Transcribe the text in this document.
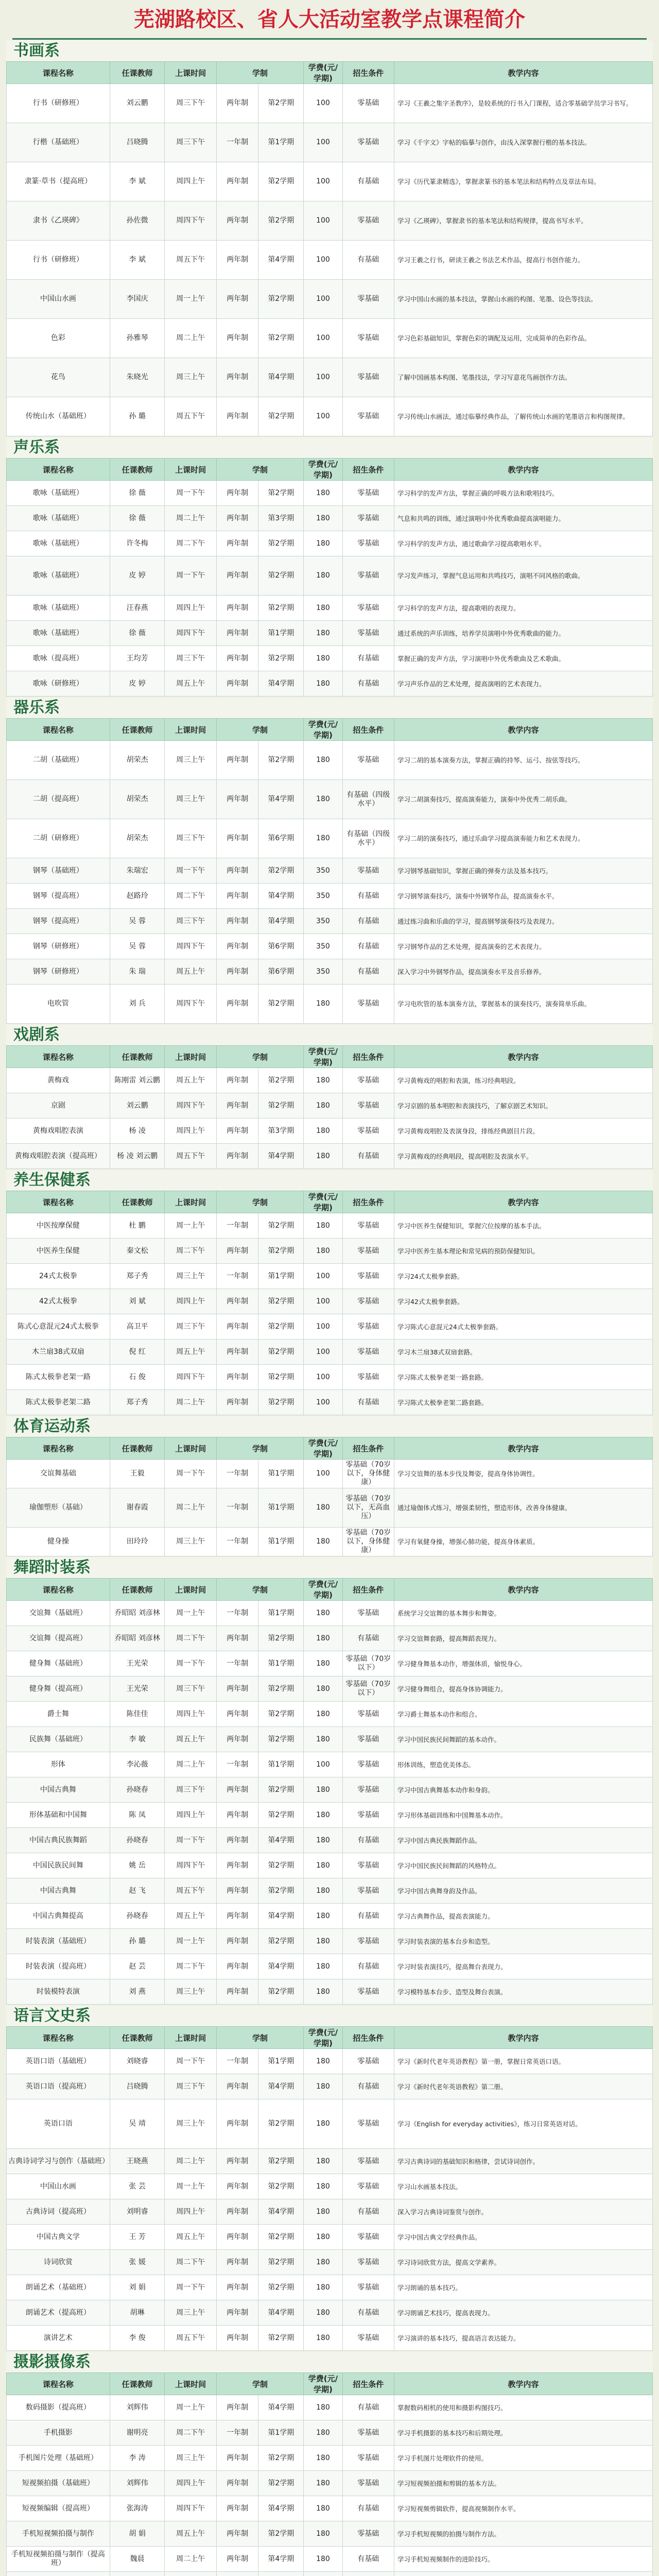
芜湖路校区、省人大活动室教学点课程简介
书画系
课程名称	任课教师	上课时间	学制		学费(元/学期)	招生条件	教学内容
行书（研修班）	刘云鹏	周三下午	两年制	第2学期	100	零基础	学习《王羲之集字圣教序》，是较系统的行书入门课程，适合零基础学员学习书写。
行楷（基础班）	吕晓腾	周三下午	一年制	第1学期	100	零基础	学习《千字文》字帖的临摹与创作，由浅入深掌握行楷的基本技法。
隶篆·草书（提高班）	李 斌	周四上午	两年制	第2学期	100	有基础	学习《历代篆隶精选》，掌握隶篆书的基本笔法和结构特点及章法布局。
隶书《乙瑛碑》	孙佐微	周四下午	两年制	第2学期	100	零基础	学习《乙瑛碑》，掌握隶书的基本笔法和结构规律，提高书写水平。
行书（研修班）	李 斌	周五下午	两年制	第4学期	100	有基础	学习王羲之行书，研读王羲之书法艺术作品，提高行书创作能力。
中国山水画	李国庆	周一上午	两年制	第2学期	100	零基础	学习中国山水画的基本技法，掌握山水画的构图、笔墨、设色等技法。
色彩	孙雅琴	周二上午	两年制	第2学期	100	零基础	学习色彩基础知识，掌握色彩的调配及运用，完成简单的色彩作品。
花鸟	朱晓光	周三上午	两年制	第4学期	100	零基础	了解中国画基本构图、笔墨技法，学习写意花鸟画创作方法。
传统山水（基础班）	孙 璐	周五下午	两年制	第2学期	100	零基础	学习传统山水画法，通过临摹经典作品，了解传统山水画的笔墨语言和构图规律。
声乐系
课程名称	任课教师	上课时间	学制		学费(元/学期)	招生条件	教学内容
歌咏（基础班）	徐 薇	周一下午	两年制	第2学期	180	零基础	学习科学的发声方法，掌握正确的呼吸方法和歌唱技巧。
歌咏（基础班）	徐 薇	周二上午	两年制	第3学期	180	零基础	气息和共鸣的训练，通过演唱中外优秀歌曲提高演唱能力。
歌咏（基础班）	许冬梅	周二下午	两年制	第2学期	180	零基础	学习科学的发声方法，通过歌曲学习提高歌唱水平。
歌咏（基础班）	皮 婷	周一下午	两年制	第2学期	180	零基础	学习发声练习，掌握气息运用和共鸣技巧，演唱不同风格的歌曲。
歌咏（基础班）	汪春燕	周四上午	两年制	第2学期	180	零基础	学习科学的发声方法，提高歌唱的表现力。
歌咏（基础班）	徐 薇	周四下午	两年制	第1学期	180	零基础	通过系统的声乐训练，培养学员演唱中外优秀歌曲的能力。
歌咏（提高班）	王均芳	周三下午	两年制	第2学期	180	有基础	掌握正确的发声方法，学习演唱中外优秀歌曲及艺术歌曲。
歌咏（研修班）	皮 婷	周五上午	两年制	第4学期	180	有基础	学习声乐作品的艺术处理，提高演唱的艺术表现力。
器乐系
课程名称	任课教师	上课时间	学制		学费(元/学期)	招生条件	教学内容
二胡（基础班）	胡荣杰	周三上午	两年制	第2学期	180	零基础	学习二胡的基本演奏方法，掌握正确的持琴、运弓、按弦等技巧。
二胡（提高班）	胡荣杰	周三上午	两年制	第4学期	180	有基础（四级水平）	学习二胡演奏技巧，提高演奏能力，演奏中外优秀二胡乐曲。
二胡（研修班）	胡荣杰	周三下午	两年制	第6学期	180	有基础（四级水平）	学习二胡的演奏技巧，通过乐曲学习提高演奏能力和艺术表现力。
钢琴（基础班）	朱瑞宏	周一下午	两年制	第2学期	350	零基础	学习钢琴基础知识，掌握正确的弹奏方法及基本技巧。
钢琴（提高班）	赵路玲	周二下午	两年制	第4学期	350	有基础	学习钢琴演奏技巧，演奏中外钢琴作品，提高演奏水平。
钢琴（提高班）	吴 蓉	周三下午	两年制	第4学期	350	有基础	通过练习曲和乐曲的学习，提高钢琴演奏技巧及表现力。
钢琴（研修班）	吴 蓉	周四下午	两年制	第6学期	350	有基础	学习钢琴作品的艺术处理，提高演奏的艺术表现力。
钢琴（研修班）	朱 瑞	周五上午	两年制	第6学期	350	有基础	深入学习中外钢琴作品，提高演奏水平及音乐修养。
电吹管	刘 兵	周四下午	两年制	第2学期	180	零基础	学习电吹管的基本演奏方法，掌握基本的演奏技巧，演奏简单乐曲。
戏剧系
课程名称	任课教师	上课时间	学制		学费(元/学期)	招生条件	教学内容
黄梅戏	陈刚雷 刘云鹏	周五上午	两年制	第2学期	180	零基础	学习黄梅戏的唱腔和表演，练习经典唱段。
京剧	刘云鹏	周四下午	两年制	第2学期	180	零基础	学习京剧的基本唱腔和表演技巧，了解京剧艺术知识。
黄梅戏唱腔表演	杨 凌	周四上午	两年制	第3学期	180	零基础	学习黄梅戏唱腔及表演身段，排练经典剧目片段。
黄梅戏唱腔表演（提高班）	杨 凌 刘云鹏	周五下午	两年制	第4学期	180	有基础	学习黄梅戏的经典唱段，提高唱腔及表演水平。
养生保健系
课程名称	任课教师	上课时间	学制		学费(元/学期)	招生条件	教学内容
中医按摩保健	杜 鹏	周一上午	一年制	第2学期	180	零基础	学习中医养生保健知识，掌握穴位按摩的基本手法。
中医养生保健	秦文松	周二下午	两年制	第2学期	180	零基础	学习中医养生基本理论和常见病的预防保健知识。
24式太极拳	郑子秀	周三上午	一年制	第1学期	100	零基础	学习24式太极拳套路。
42式太极拳	刘 斌	周四上午	两年制	第2学期	100	零基础	学习42式太极拳套路。
陈式心意混元24式太极拳	高卫平	周三下午	两年制	第2学期	100	零基础	学习陈式心意混元24式太极拳套路。
木兰扇38式双扇	倪 红	周五上午	两年制	第2学期	100	零基础	学习木兰扇38式双扇套路。
陈式太极拳老架一路	石 俊	周四下午	两年制	第2学期	100	零基础	学习陈式太极拳老架一路套路。
陈式太极拳老架二路	郑子秀	周二上午	两年制	第2学期	100	有基础	学习陈式太极拳老架二路套路。
体育运动系
课程名称	任课教师	上课时间	学制		学费(元/学期)	招生条件	教学内容
交谊舞基础	王毅	周一下午	一年制	第1学期	100	零基础（70岁以下，身体健康）	学习交谊舞的基本步伐及舞姿，提高身体协调性。
瑜伽塑形（基础）	谢春霞	周二上午	一年制	第1学期	180	零基础（70岁以下，无高血压）	通过瑜伽体式练习，增强柔韧性，塑造形体，改善身体健康。
健身操	田玲玲	周三上午	一年制	第1学期	180	零基础（70岁以下，身体健康）	学习有氧健身操，增强心肺功能，提高身体素质。
舞蹈时装系
课程名称	任课教师	上课时间	学制		学费(元/学期)	招生条件	教学内容
交谊舞（基础班）	乔昭昭 刘彦林	周一上午	一年制	第1学期	180	零基础	系统学习交谊舞的基本舞步和舞姿。
交谊舞（提高班）	乔昭昭 刘彦林	周二下午	两年制	第2学期	180	有基础	学习交谊舞套路，提高舞蹈表现力。
健身舞（基础班）	王光荣	周一下午	一年制	第1学期	180	零基础（70岁以下）	学习健身舞基本动作，增强体质，愉悦身心。
健身舞（提高班）	王光荣	周三下午	两年制	第2学期	180	零基础（70岁以下）	学习健身舞组合，提高身体协调能力。
爵士舞	陈佳佳	周四上午	两年制	第2学期	180	零基础	学习爵士舞基本动作和组合。
民族舞（基础班）	李 敏	周五上午	两年制	第2学期	180	零基础	学习中国民族民间舞蹈的基本动作。
形体	李沁薇	周二上午	一年制	第1学期	100	零基础	形体训练，塑造优美体态。
中国古典舞	孙晓春	周三下午	两年制	第2学期	180	零基础	学习中国古典舞基本动作和身韵。
形体基础和中国舞	陈 凤	周四上午	两年制	第2学期	180	零基础	学习形体基础训练和中国舞基本动作。
中国古典民族舞蹈	孙晓春	周一下午	两年制	第4学期	180	有基础	学习中国古典民族舞蹈作品。
中国民族民间舞	姚 岳	周四下午	两年制	第2学期	180	零基础	学习中国民族民间舞蹈的风格特点。
中国古典舞	赵 飞	周五下午	两年制	第2学期	180	零基础	学习中国古典舞身韵及作品。
中国古典舞提高	孙晓春	周五上午	两年制	第4学期	180	有基础	学习古典舞作品，提高表演能力。
时装表演（基础班）	孙 璐	周一上午	两年制	第2学期	180	零基础	学习时装表演的基本台步和造型。
时装表演（提高班）	赵 芸	周二下午	两年制	第4学期	180	有基础	学习时装表演技巧，提高舞台表现力。
时装模特表演	刘 燕	周三上午	两年制	第2学期	180	零基础	学习模特基本台步、造型及舞台表演。
语言文史系
课程名称	任课教师	上课时间	学制		学费(元/学期)	招生条件	教学内容
英语口语（基础班）	刘晓睿	周一下午	一年制	第1学期	180	零基础	学习《新时代老年英语教程》第一册，掌握日常英语口语。
英语口语（提高班）	吕晓腾	周三下午	两年制	第4学期	180	有基础	学习《新时代老年英语教程》第二册。
英语口语	吴 靖	周三上午	两年制	第2学期	180	零基础	学习《English for everyday activities》，练习日常英语对话。
古典诗词学习与创作（基础班）	王晓燕	周二上午	两年制	第2学期	180	零基础	学习古典诗词的基础知识和格律，尝试诗词创作。
中国山水画	张 芸	周一上午	两年制	第2学期	180	零基础	学习山水画基本技法。
古典诗词（提高班）	刘明睿	周四上午	两年制	第4学期	180	有基础	深入学习古典诗词鉴赏与创作。
中国古典文学	王 芳	周五上午	两年制	第2学期	180	零基础	学习中国古典文学经典作品。
诗词欣赏	张 媛	周二下午	两年制	第2学期	180	零基础	学习诗词欣赏方法，提高文学素养。
朗诵艺术（基础班）	刘 娟	周一下午	两年制	第2学期	180	零基础	学习朗诵的基本技巧。
朗诵艺术（提高班）	胡琳	周三上午	两年制	第4学期	180	有基础	学习朗诵艺术技巧，提高表现力。
演讲艺术	李 俊	周五下午	两年制	第2学期	180	零基础	学习演讲的基本技巧，提高语言表达能力。
摄影摄像系
课程名称	任课教师	上课时间	学制		学费(元/学期)	招生条件	教学内容
数码摄影（提高班）	刘辉伟	周一上午	两年制	第4学期	180	有基础	掌握数码相机的使用和摄影构图技巧。
手机摄影	谢明亮	周二下午	一年制	第1学期	180	零基础	学习手机摄影的基本技巧和后期处理。
手机图片处理（基础班）	李 涛	周三上午	两年制	第2学期	180	零基础	学习手机图片处理软件的使用。
短视频拍摄（基础班）	刘辉伟	周四上午	两年制	第2学期	180	零基础	学习短视频拍摄和剪辑的基本方法。
短视频编辑（提高班）	张海涛	周四下午	两年制	第4学期	180	有基础	学习短视频剪辑软件，提高视频制作水平。
手机短视频拍摄与制作	胡 娟	周五上午	两年制	第2学期	180	零基础	学习手机短视频的拍摄与制作方法。
手机短视频拍摄与制作（提高班）	魏晨	周二上午	两年制	第4学期	180	有基础	学习手机短视频制作的进阶技巧。
